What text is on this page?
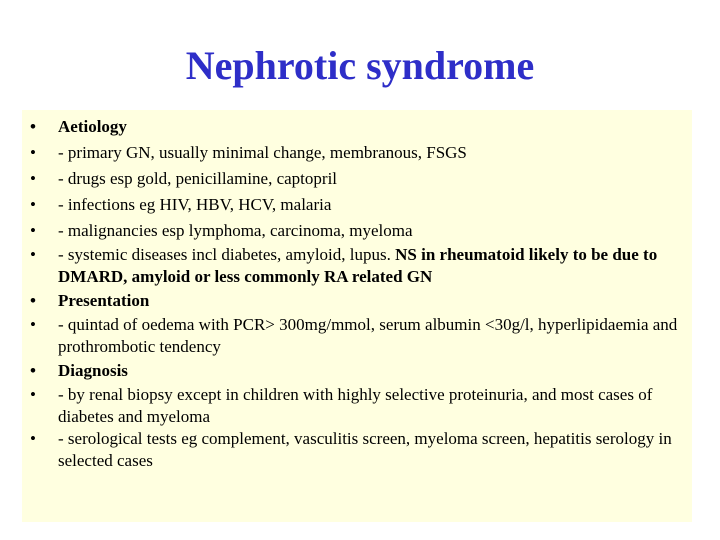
Nephrotic syndrome
•	Aetiology
•	- primary GN, usually minimal change, membranous, FSGS
•	- drugs esp gold, penicillamine, captopril
•	- infections eg HIV, HBV, HCV, malaria
•	- malignancies esp lymphoma, carcinoma, myeloma
•	- systemic diseases incl diabetes, amyloid, lupus. NS in rheumatoid likely to be due to DMARD, amyloid or less commonly RA related GN
•	Presentation
•	- quintad of oedema with PCR> 300mg/mmol, serum albumin <30g/l, hyperlipidaemia and prothrombotic tendency
•	Diagnosis
•	- by renal biopsy except in children with highly selective proteinuria, and most cases of diabetes and myeloma
•	- serological tests eg complement, vasculitis screen, myeloma screen, hepatitis serology in selected cases
